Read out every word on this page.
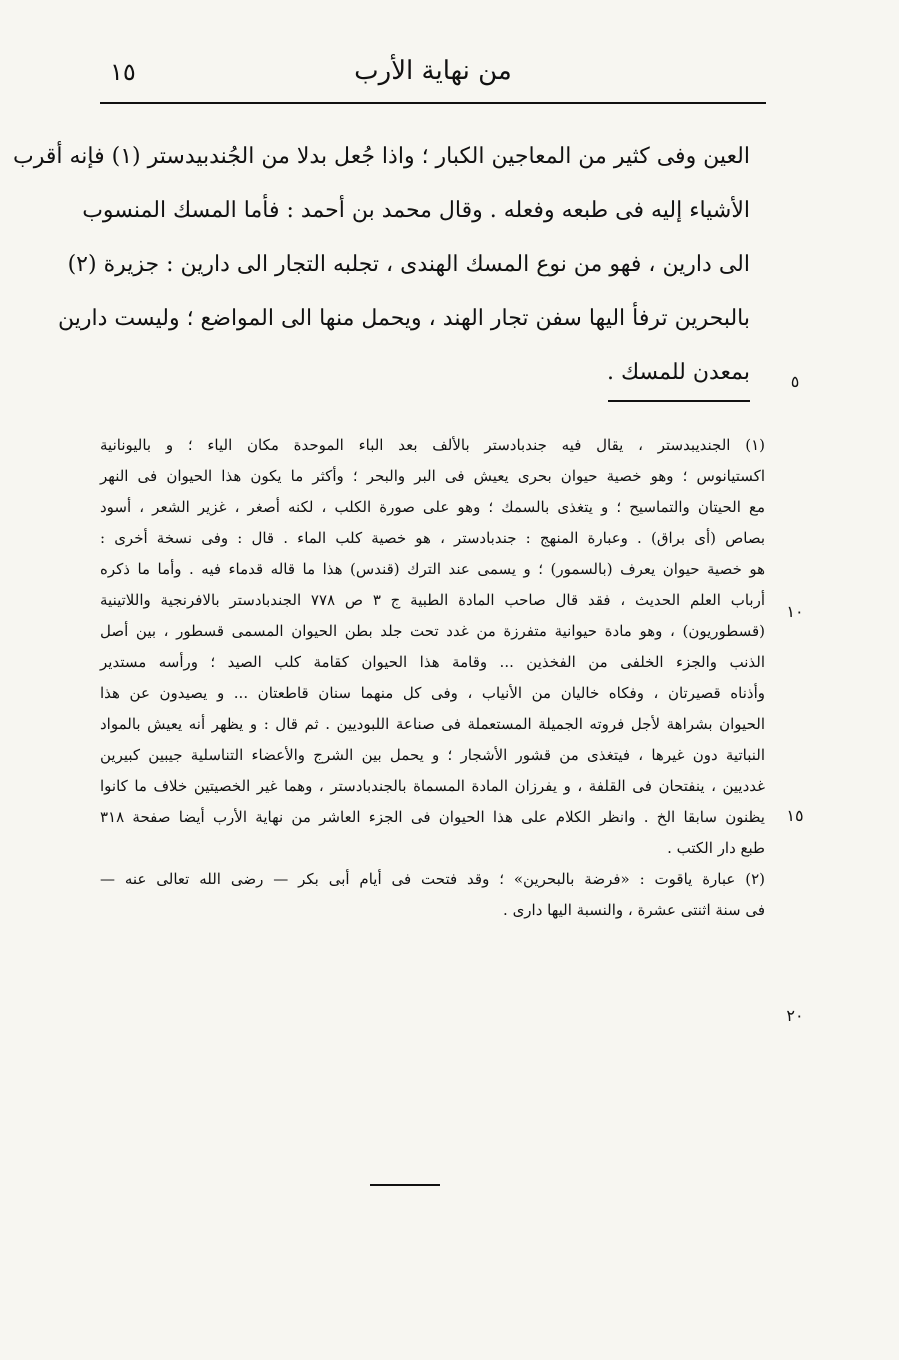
من نهاية الأرب
١٥
العين وفى كثير من المعاجين الكبار ؛ واذا جُعل بدلا من الجُندبيدستر (١) فإنه أقرب
الأشياء إليه فى طبعه وفعله . وقال محمد بن أحمد : فأما المسك المنسوب
الى دارين ، فهو من نوع المسك الهندى ، تجلبه التجار الى دارين : جزيرة (٢)
بالبحرين ترفأ اليها سفن تجار الهند ، ويحمل منها الى المواضع ؛ وليست دارين
بمعدن للمسك .
(١) الجنديبدستر ، يقال فيه جندبادستر بالألف بعد الباء الموحدة مكان الياء ؛ و باليونانية
اكستيانوس ؛ وهو خصية حيوان بحرى يعيش فى البر والبحر ؛ وأكثر ما يكون هذا الحيوان فى النهر
مع الحيتان والتماسيح ؛ و يتغذى بالسمك ؛ وهو على صورة الكلب ، لكنه أصغر ، غزير الشعر ، أسود
بصاص (أى براق) . وعبارة المنهج : جندبادستر ، هو خصية كلب الماء . قال : وفى نسخة أخرى :
هو خصية حيوان يعرف (بالسمور) ؛ و يسمى عند الترك (قندس) هذا ما قاله قدماء فيه . وأما ما ذكره
أرباب العلم الحديث ، فقد قال صاحب المادة الطبية ج ٣ ص ٧٧٨ الجندبادستر بالافرنجية واللاتينية
(قسطوريون) ، وهو مادة حيوانية متفرزة من غدد تحت جلد بطن الحيوان المسمى قسطور ، بين أصل
الذنب والجزء الخلفى من الفخذين ... وقامة هذا الحيوان كقامة كلب الصيد ؛ ورأسه مستدير
وأذناه قصيرتان ، وفكاه خاليان من الأنياب ، وفى كل منهما سنان قاطعتان ... و يصيدون عن هذا
الحيوان بشراهة لأجل فروته الجميلة المستعملة فى صناعة اللبوديين . ثم قال : و يظهر أنه يعيش بالمواد
النباتية دون غيرها ، فيتغذى من قشور الأشجار ؛ و يحمل بين الشرج والأعضاء التناسلية جيبين كبيرين
غدديين ، ينفتحان فى القلفة ، و يفرزان المادة المسماة بالجندبادستر ، وهما غير الخصيتين خلاف ما كانوا
يظنون سابقا الخ . وانظر الكلام على هذا الحيوان فى الجزء العاشر من نهاية الأرب أيضا صفحة ٣١٨
طبع دار الكتب .
(٢) عبارة ياقوت : «فرضة بالبحرين» ؛ وقد فتحت فى أيام أبى بكر — رضى الله تعالى عنه —
فى سنة اثنتى عشرة ، والنسبة اليها دارى .
٥
١٠
١٥
٢٠
